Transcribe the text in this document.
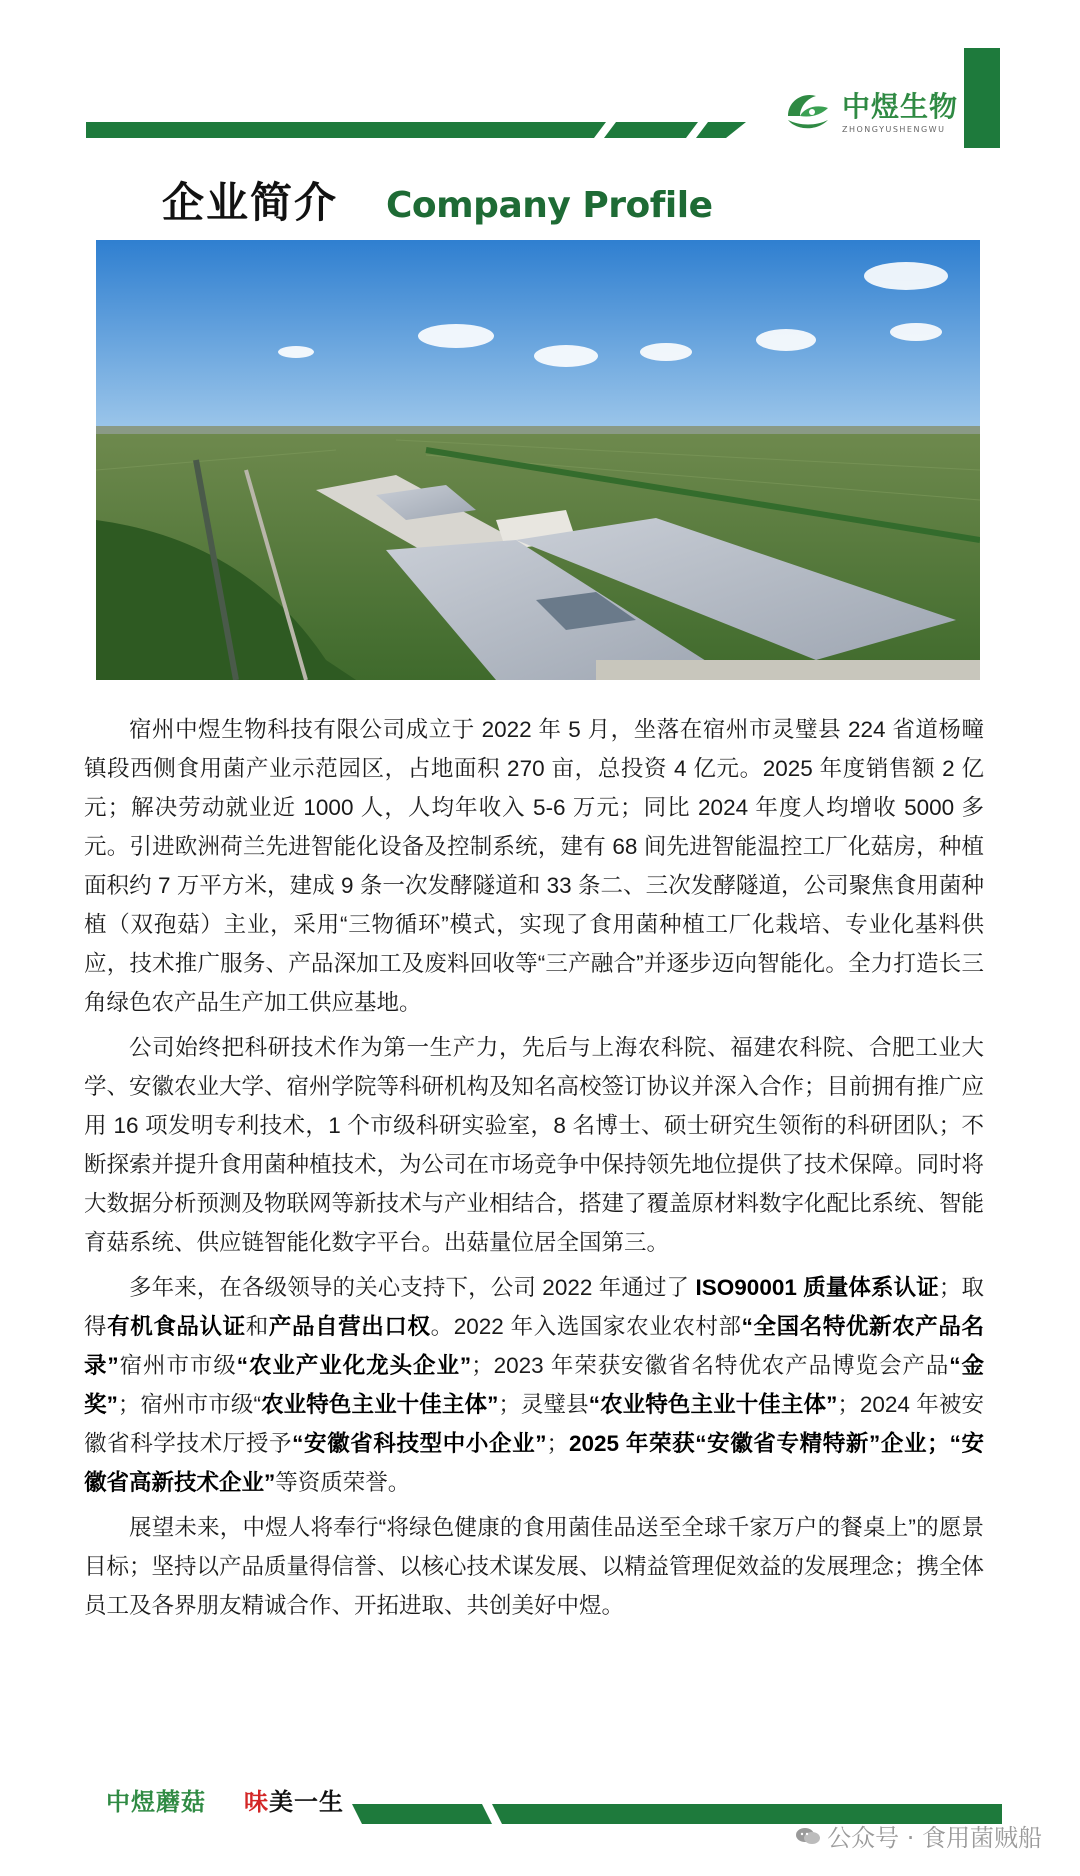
中煜生物
ZHONGYUSHENGWU
企业简介 Company Profile

宿州中煜生物科技有限公司成立于 2022 年 5 月，坐落在宿州市灵璧县 224 省道杨疃镇段西侧食用菌产业示范园区，占地面积 270 亩，总投资 4 亿元。2025 年度销售额 2 亿元；解决劳动就业近 1000 人，人均年收入 5-6 万元；同比 2024 年度人均增收 5000 多元。引进欧洲荷兰先进智能化设备及控制系统，建有 68 间先进智能温控工厂化菇房，种植面积约 7 万平方米，建成 9 条一次发酵隧道和 33 条二、三次发酵隧道，公司聚焦食用菌种植（双孢菇）主业，采用“三物循环”模式，实现了食用菌种植工厂化栽培、专业化基料供应，技术推广服务、产品深加工及废料回收等“三产融合”并逐步迈向智能化。全力打造长三角绿色农产品生产加工供应基地。

公司始终把科研技术作为第一生产力，先后与上海农科院、福建农科院、合肥工业大学、安徽农业大学、宿州学院等科研机构及知名高校签订协议并深入合作；目前拥有推广应用 16 项发明专利技术，1 个市级科研实验室，8 名博士、硕士研究生领衔的科研团队；不断探索并提升食用菌种植技术，为公司在市场竞争中保持领先地位提供了技术保障。同时将大数据分析预测及物联网等新技术与产业相结合，搭建了覆盖原材料数字化配比系统、智能育菇系统、供应链智能化数字平台。出菇量位居全国第三。

多年来，在各级领导的关心支持下，公司 2022 年通过了 ISO90001 质量体系认证；取得有机食品认证和产品自营出口权。2022 年入选国家农业农村部“全国名特优新农产品名录”宿州市市级“农业产业化龙头企业”；2023 年荣获安徽省名特优农产品博览会产品“金奖”；宿州市市级“农业特色主业十佳主体”；灵璧县“农业特色主业十佳主体”；2024 年被安徽省科学技术厅授予“安徽省科技型中小企业”；2025 年荣获“安徽省专精特新”企业；“安徽省高新技术企业”等资质荣誉。

展望未来，中煜人将奉行“将绿色健康的食用菌佳品送至全球千家万户的餐桌上”的愿景目标；坚持以产品质量得信誉、以核心技术谋发展、以精益管理促效益的发展理念；携全体员工及各界朋友精诚合作、开拓进取、共创美好中煜。

中煜蘑菇 味美一生
公众号 · 食用菌贼船
